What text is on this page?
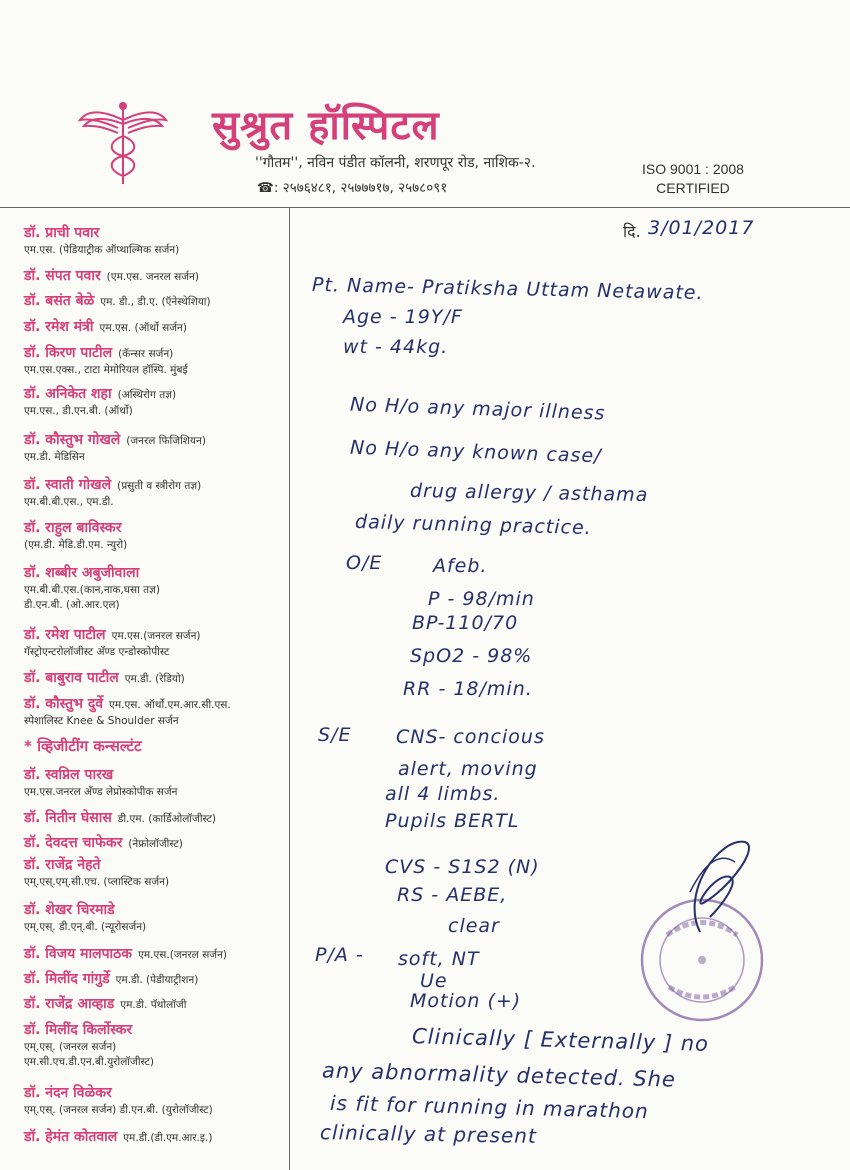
सुश्रुत हॉस्पिटल
''गौतम'', नविन पंडीत कॉलनी, शरणपूर रोड, नाशिक-२.
☎: २५७६४८१, २५७७७१७, २५७८०९१
ISO 9001 : 2008
CERTIFIED
डॉ. प्राची पवार
एम.एस. (पेडियाट्रीक ऑप्थाल्मिक सर्जन)
डॉ. संपत पवार (एम.एस. जनरल सर्जन)
डॉ. बसंत बेळे एम. डी., डी.ए. (ऍनेस्थेशिया)
डॉ. रमेश मंत्री एम.एस. (ऑर्थो सर्जन)
डॉ. किरण पाटील (कॅन्सर सर्जन)
एम.एस.एक्स., टाटा मेमोरियल हॉस्पि. मुंबई
डॉ. अनिकेत शहा (अस्थिरोग तज्ञ)
एम.एस., डी.एन.बी. (ऑर्थो)
डॉ. कौस्तुभ गोखले (जनरल फिजिशियन)
एम.डी. मेडिसिन
डॉ. स्वाती गोखले (प्रसुती व स्त्रीरोग तज्ञ)
एम.बी.बी.एस., एम.डी.
डॉ. राहुल बाविस्कर
(एम.डी. मेडि.डी.एम. न्युरो)
डॉ. शब्बीर अबुजीवाला
एम.बी.बी.एस.(कान,नाक,घसा तज्ञ)
डी.एन.बी. (ओ.आर.एल)
डॉ. रमेश पाटील एम.एस.(जनरल सर्जन)
गॅस्ट्रोएन्टरोलॉजीस्ट अँण्ड एन्डोस्कोपीस्ट
डॉ. बाबुराव पाटील एम.डी. (रेडियो)
डॉ. कौस्तुभ दुर्वे एम.एस. ऑर्थो.एम.आर.सी.एस.
स्पेशालिस्ट Knee & Shoulder सर्जन
* व्हिजीटींग कन्सल्टंट
डॉ. स्वप्निल पारख
एम.एस.जनरल अँण्ड लेप्रोस्कोपीक सर्जन
डॉ. नितीन घेसास डी.एम. (कार्डिओलॉजीस्ट)
डॉ. देवदत्त चाफेकर (नेफ्रोलॉजीस्ट)
डॉ. राजेंद्र नेहते
एम्.एस्.एम्.सी.एच. (प्लास्टिक सर्जन)
डॉ. शेखर चिरमाडे
एम्.एस्. डी.एन्.बी. (न्यूरोसर्जन)
डॉ. विजय मालपाठक एम.एस.(जनरल सर्जन)
डॉ. मिलींद गांगुर्डे एम.डी. (पेडीयाट्रीशन)
डॉ. राजेंद्र आव्हाड एम.डी. पॅथोलॉजी
डॉ. मिलींद किर्लोस्कर
एम्.एस्. (जनरल सर्जन)
एम.सी.एच.डी.एन.बी.युरोलॉजीस्ट)
डॉ. नंदन विळेकर
एम्.एस्. (जनरल सर्जन) डी.एन.बी. (युरोलॉजीस्ट)
डॉ. हेमंत कोतवाल एम.डी.(डी.एम.आर.इ.)
दि. 3/01/2017
Pt. Name- Pratiksha Uttam Netawate.
Age - 19Y/F
wt - 44kg.
No H/o any major illness
No H/o any known case/
drug allergy / asthama
daily running practice.
O/E	Afeb.
P - 98/min
BP-110/70
SpO2 - 98%
RR - 18/min.
S/E CNS- concious
alert, moving
all 4 limbs.
Pupils BERTL
CVS - S1S2 (N)
RS - AEBE,
clear
P/A - soft, NT
Ue
Motion (+)
Clinically [ Externally ] no
any abnormality detected. She
is fit for running in marathon
clinically at present
